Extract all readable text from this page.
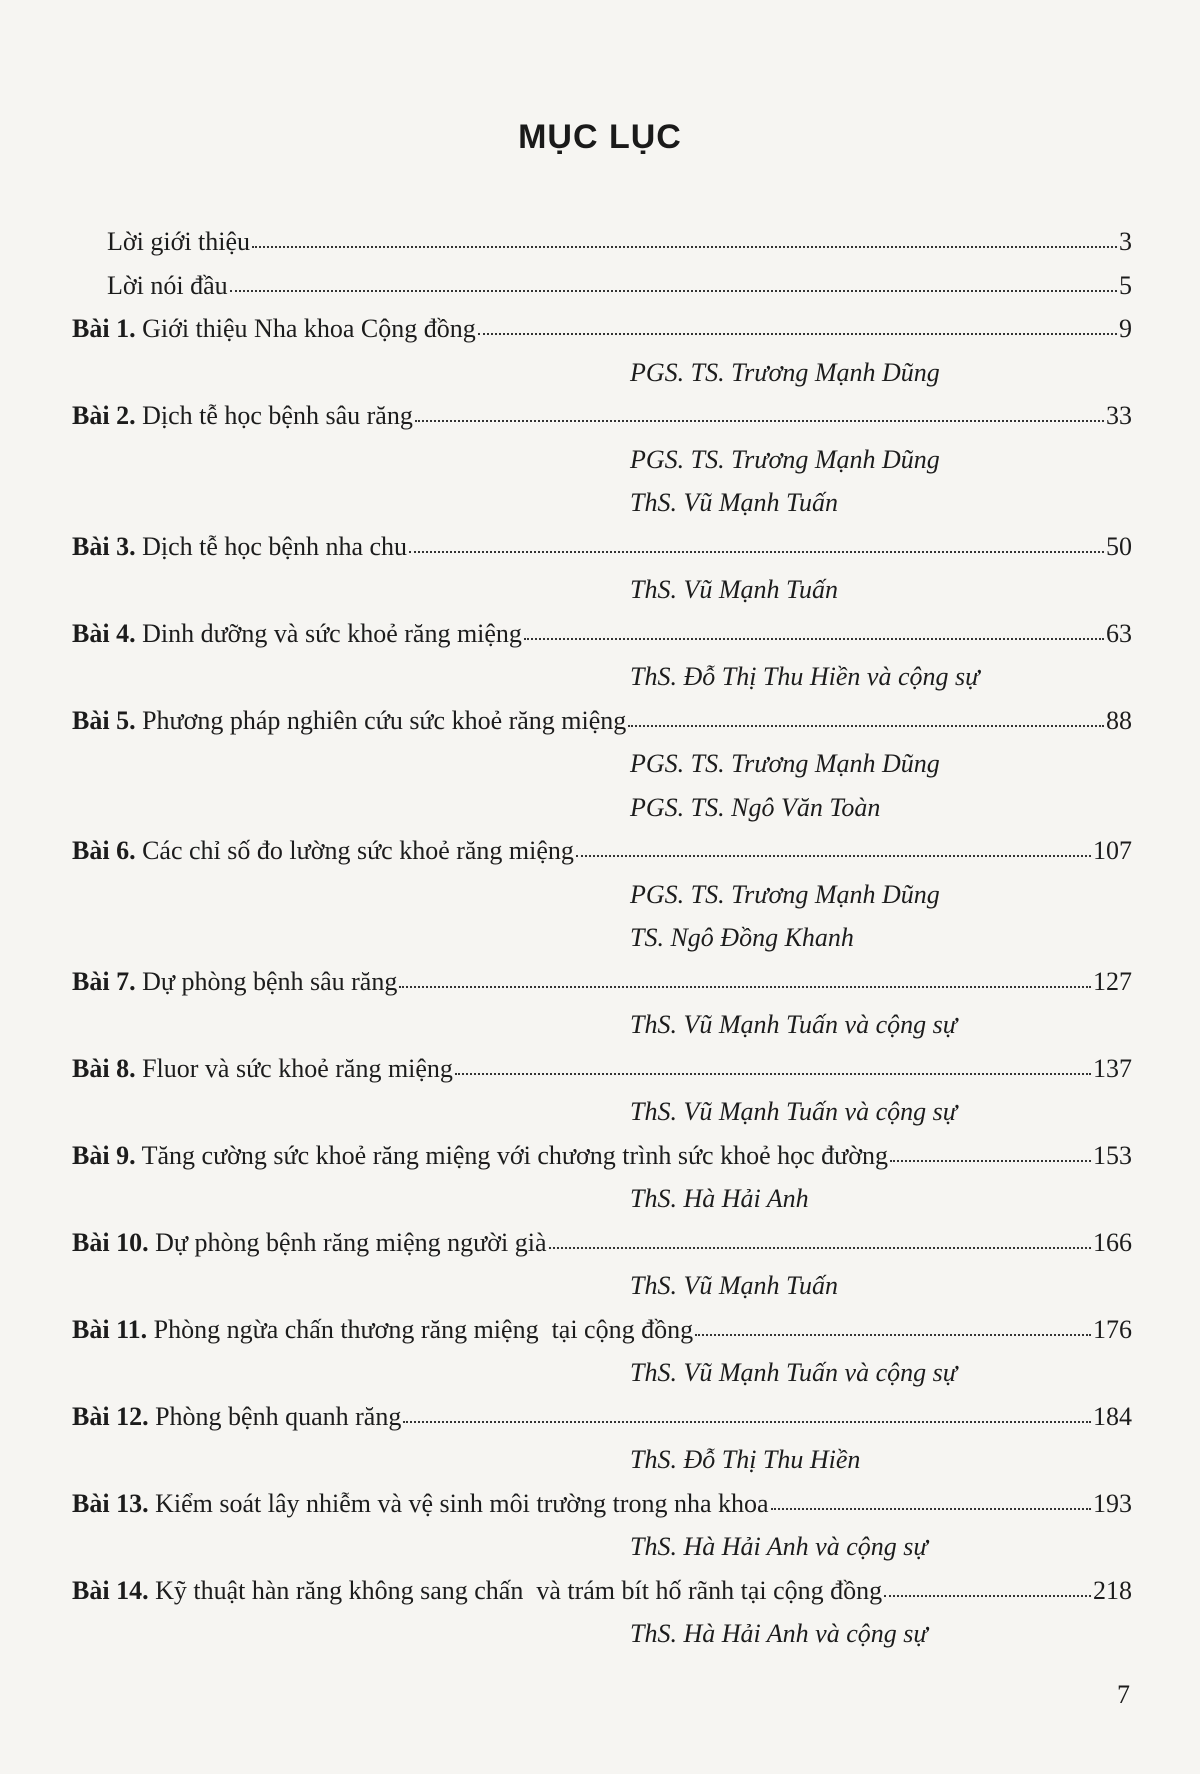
MỤC LỤC
Lời giới thiệu	3
Lời nói đầu	5
Bài 1. Giới thiệu Nha khoa Cộng đồng	9
PGS. TS. Trương Mạnh Dũng
Bài 2. Dịch tễ học bệnh sâu răng	33
PGS. TS. Trương Mạnh Dũng
ThS. Vũ Mạnh Tuấn
Bài 3. Dịch tễ học bệnh nha chu	50
ThS. Vũ Mạnh Tuấn
Bài 4. Dinh dưỡng và sức khoẻ răng miệng	63
ThS. Đỗ Thị Thu Hiền và cộng sự
Bài 5. Phương pháp nghiên cứu sức khoẻ răng miệng	88
PGS. TS. Trương Mạnh Dũng
PGS. TS. Ngô Văn Toàn
Bài 6. Các chỉ số đo lường sức khoẻ răng miệng	107
PGS. TS. Trương Mạnh Dũng
TS. Ngô Đồng Khanh
Bài 7. Dự phòng bệnh sâu răng	127
ThS. Vũ Mạnh Tuấn và cộng sự
Bài 8. Fluor và sức khoẻ răng miệng	137
ThS. Vũ Mạnh Tuấn và cộng sự
Bài 9. Tăng cường sức khoẻ răng miệng với chương trình sức khoẻ học đường	153
ThS. Hà Hải Anh
Bài 10. Dự phòng bệnh răng miệng người già	166
ThS. Vũ Mạnh Tuấn
Bài 11. Phòng ngừa chấn thương răng miệng  tại cộng đồng	176
ThS. Vũ Mạnh Tuấn và cộng sự
Bài 12. Phòng bệnh quanh răng	184
ThS. Đỗ Thị Thu Hiền
Bài 13. Kiểm soát lây nhiễm và vệ sinh môi trường trong nha khoa	193
ThS. Hà Hải Anh và cộng sự
Bài 14. Kỹ thuật hàn răng không sang chấn  và trám bít hố rãnh tại cộng đồng	218
ThS. Hà Hải Anh và cộng sự
7
